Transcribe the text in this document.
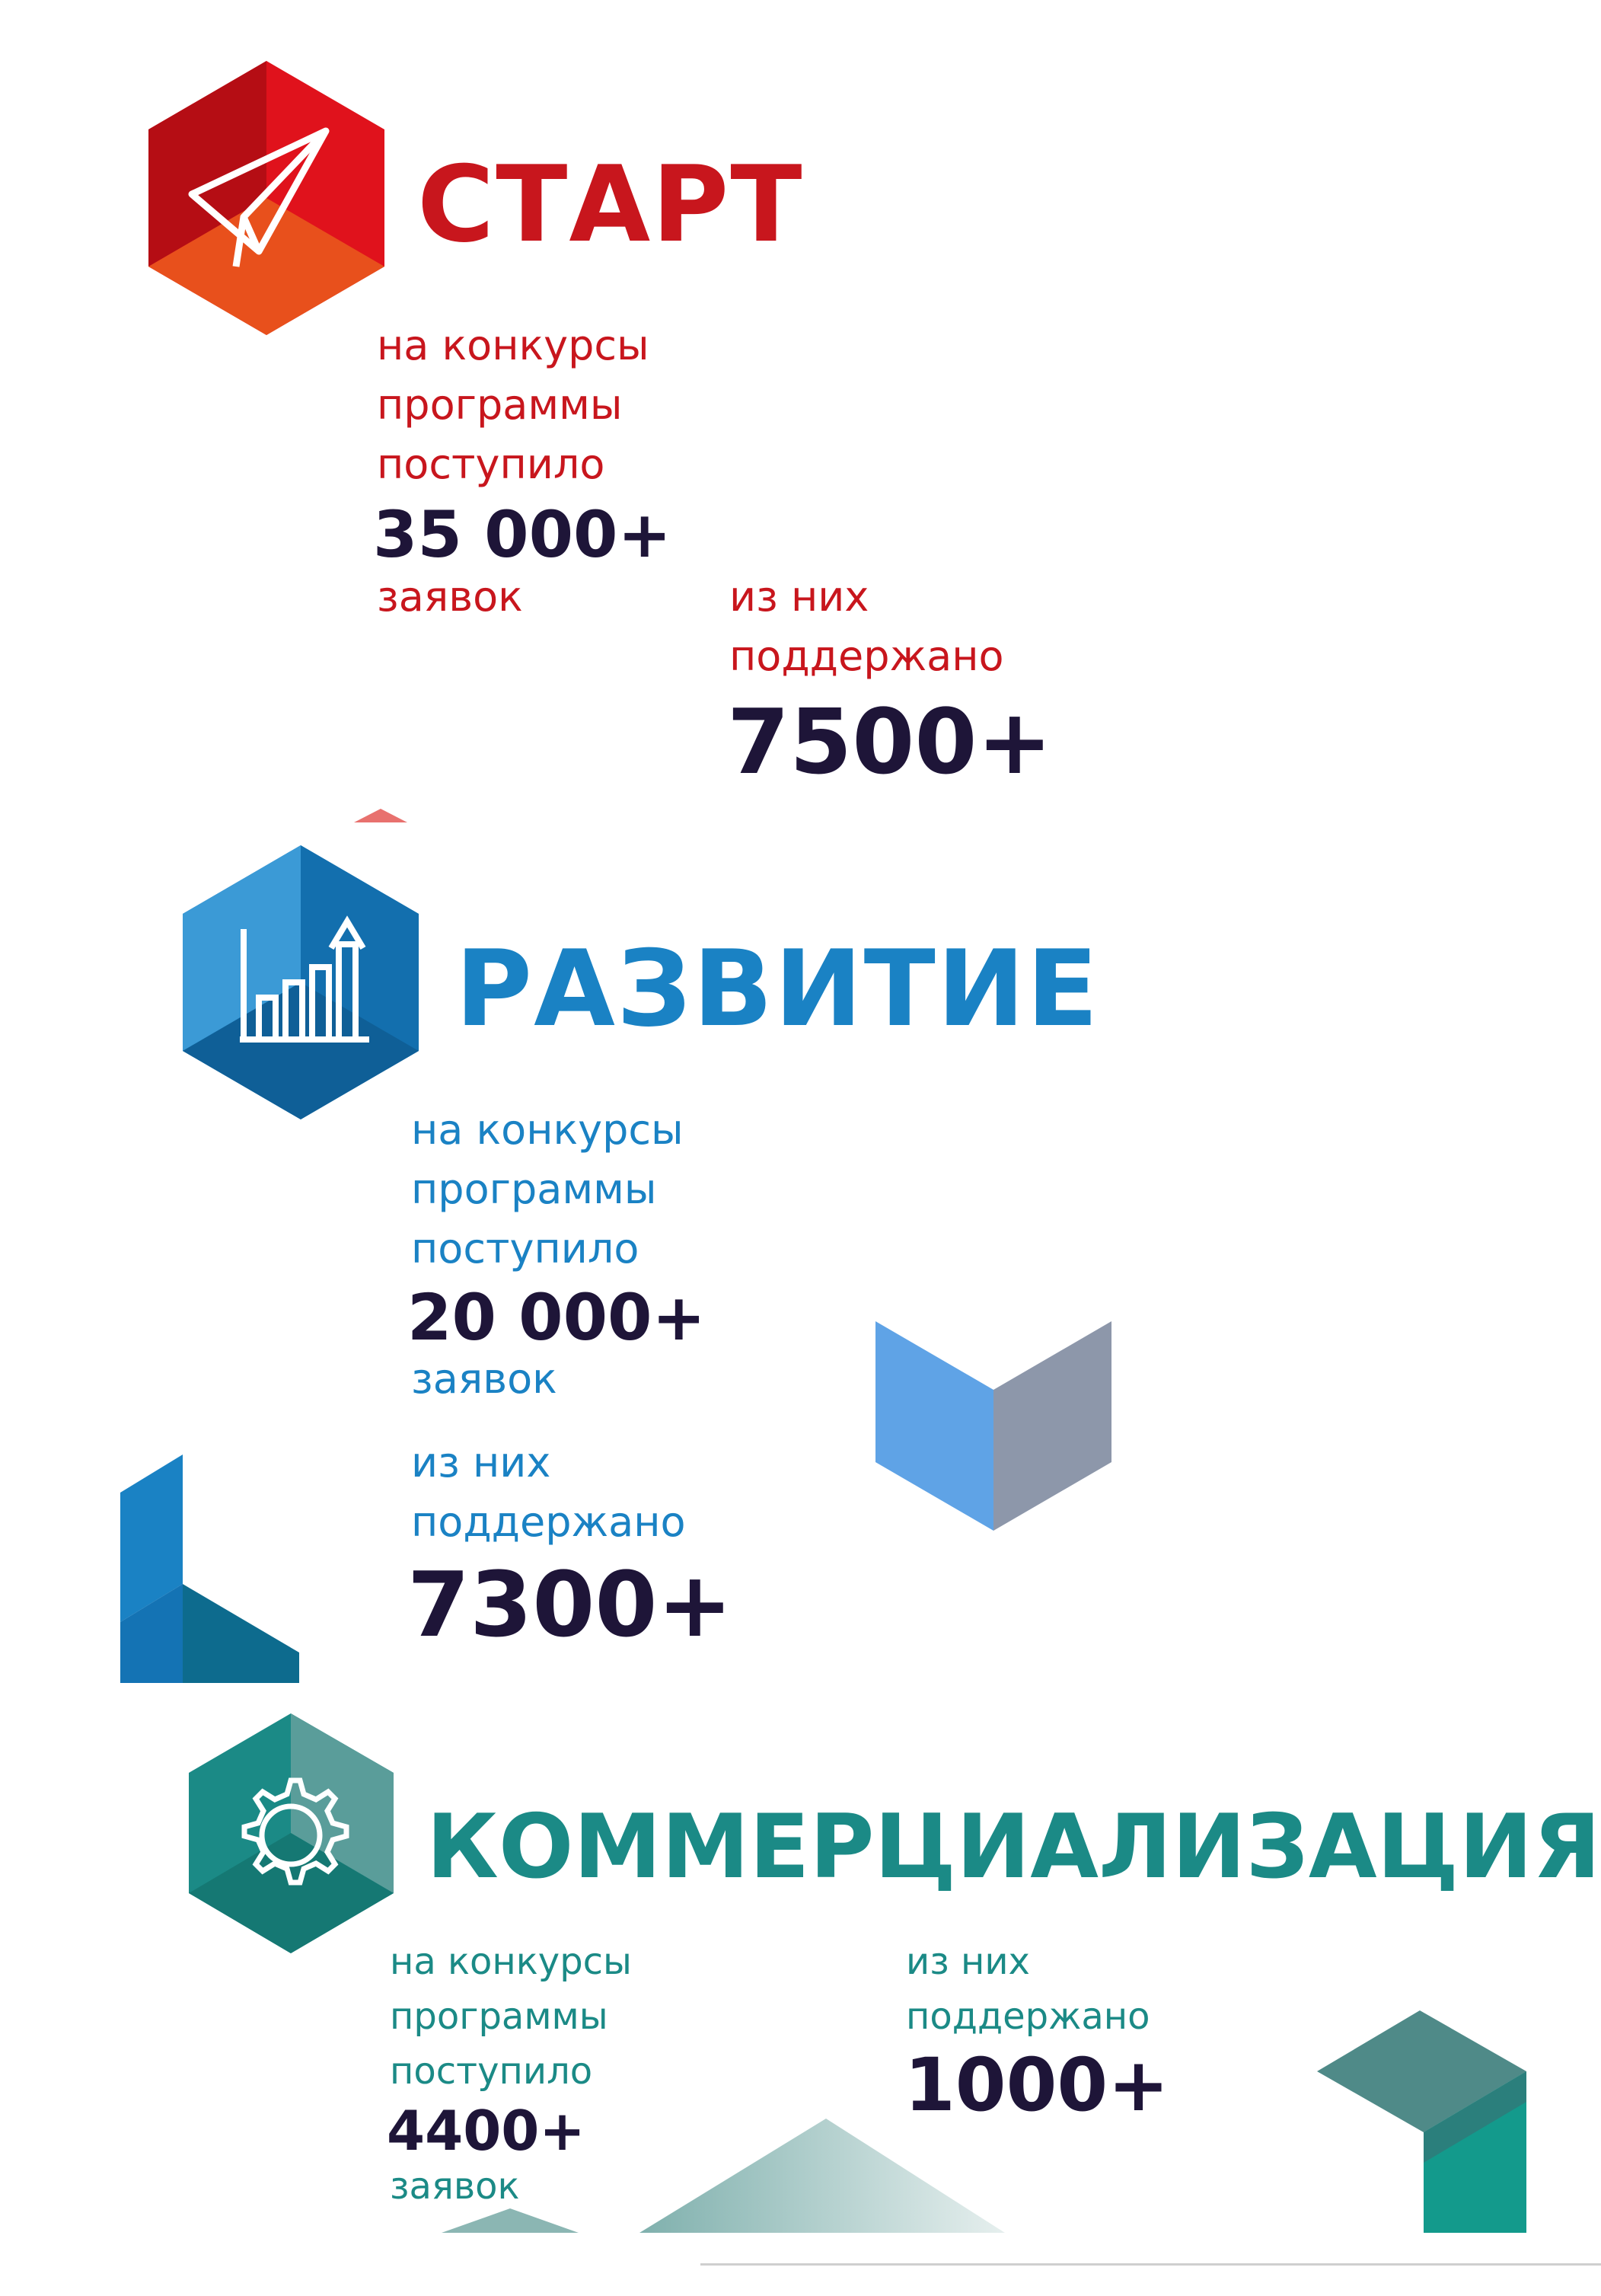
СТАРТ
на конкурсы
программы
поступило
35 000+
заявок	из них
поддержано
7500+
РАЗВИТИЕ
на конкурсы
программы
поступило
20 000+
заявок
из них
поддержано
7300+
КОММЕРЦИАЛИЗАЦИЯ
на конкурсы
программы
поступило
4400+
заявок
из них
поддержано
1000+
